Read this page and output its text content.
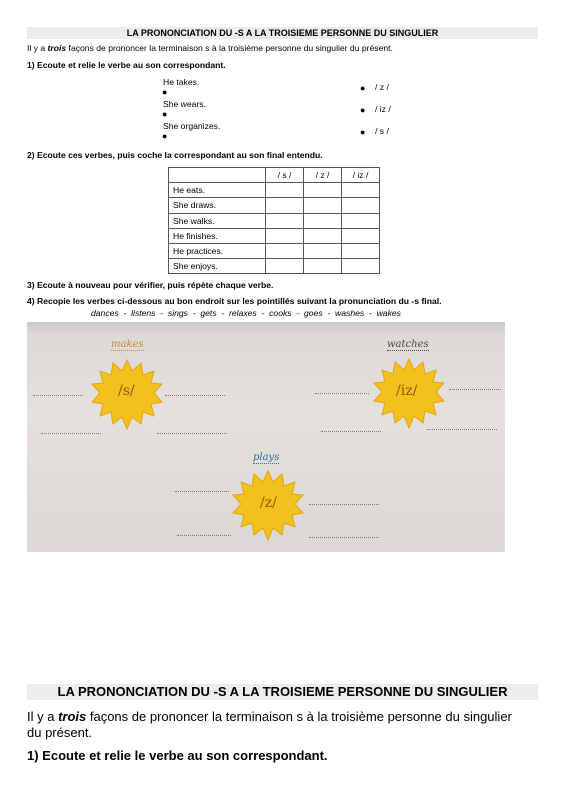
LA PRONONCIATION DU -S A LA TROISIEME PERSONNE DU SINGULIER
Il y a trois façons de prononcer la terminaison s à la troisième personne du singulier du présent.
1) Ecoute et relie le verbe au son correspondant.
He takes.
●
She wears.
●
She organizes.
●
● / z /
● / iz /
● / s /
2) Ecoute ces verbes, puis coche la correspondant au son final entendu.
	/ s /	/ z /	/ iz /
He eats.			
She draws.			
She walks.			
He finishes.			
He practices.			
She enjoys.			
3) Ecoute à nouveau pour vérifier, puis répète chaque verbe.
4) Recopie les verbes ci-dessous au bon endroit sur les pointillés suivant la pronunciation du -s final.
dances  -  listens  -  sings  -  gets  -  relaxes  -  cooks  -  goes  -  washes  -  wakes
makes
/s/
watches
/iz/
plays
/z/
LA PRONONCIATION DU -S A LA TROISIEME PERSONNE DU SINGULIER
Il y a trois façons de prononcer la terminaison s à la troisième personne du singulier
du présent.
1) Ecoute et relie le verbe au son correspondant.
